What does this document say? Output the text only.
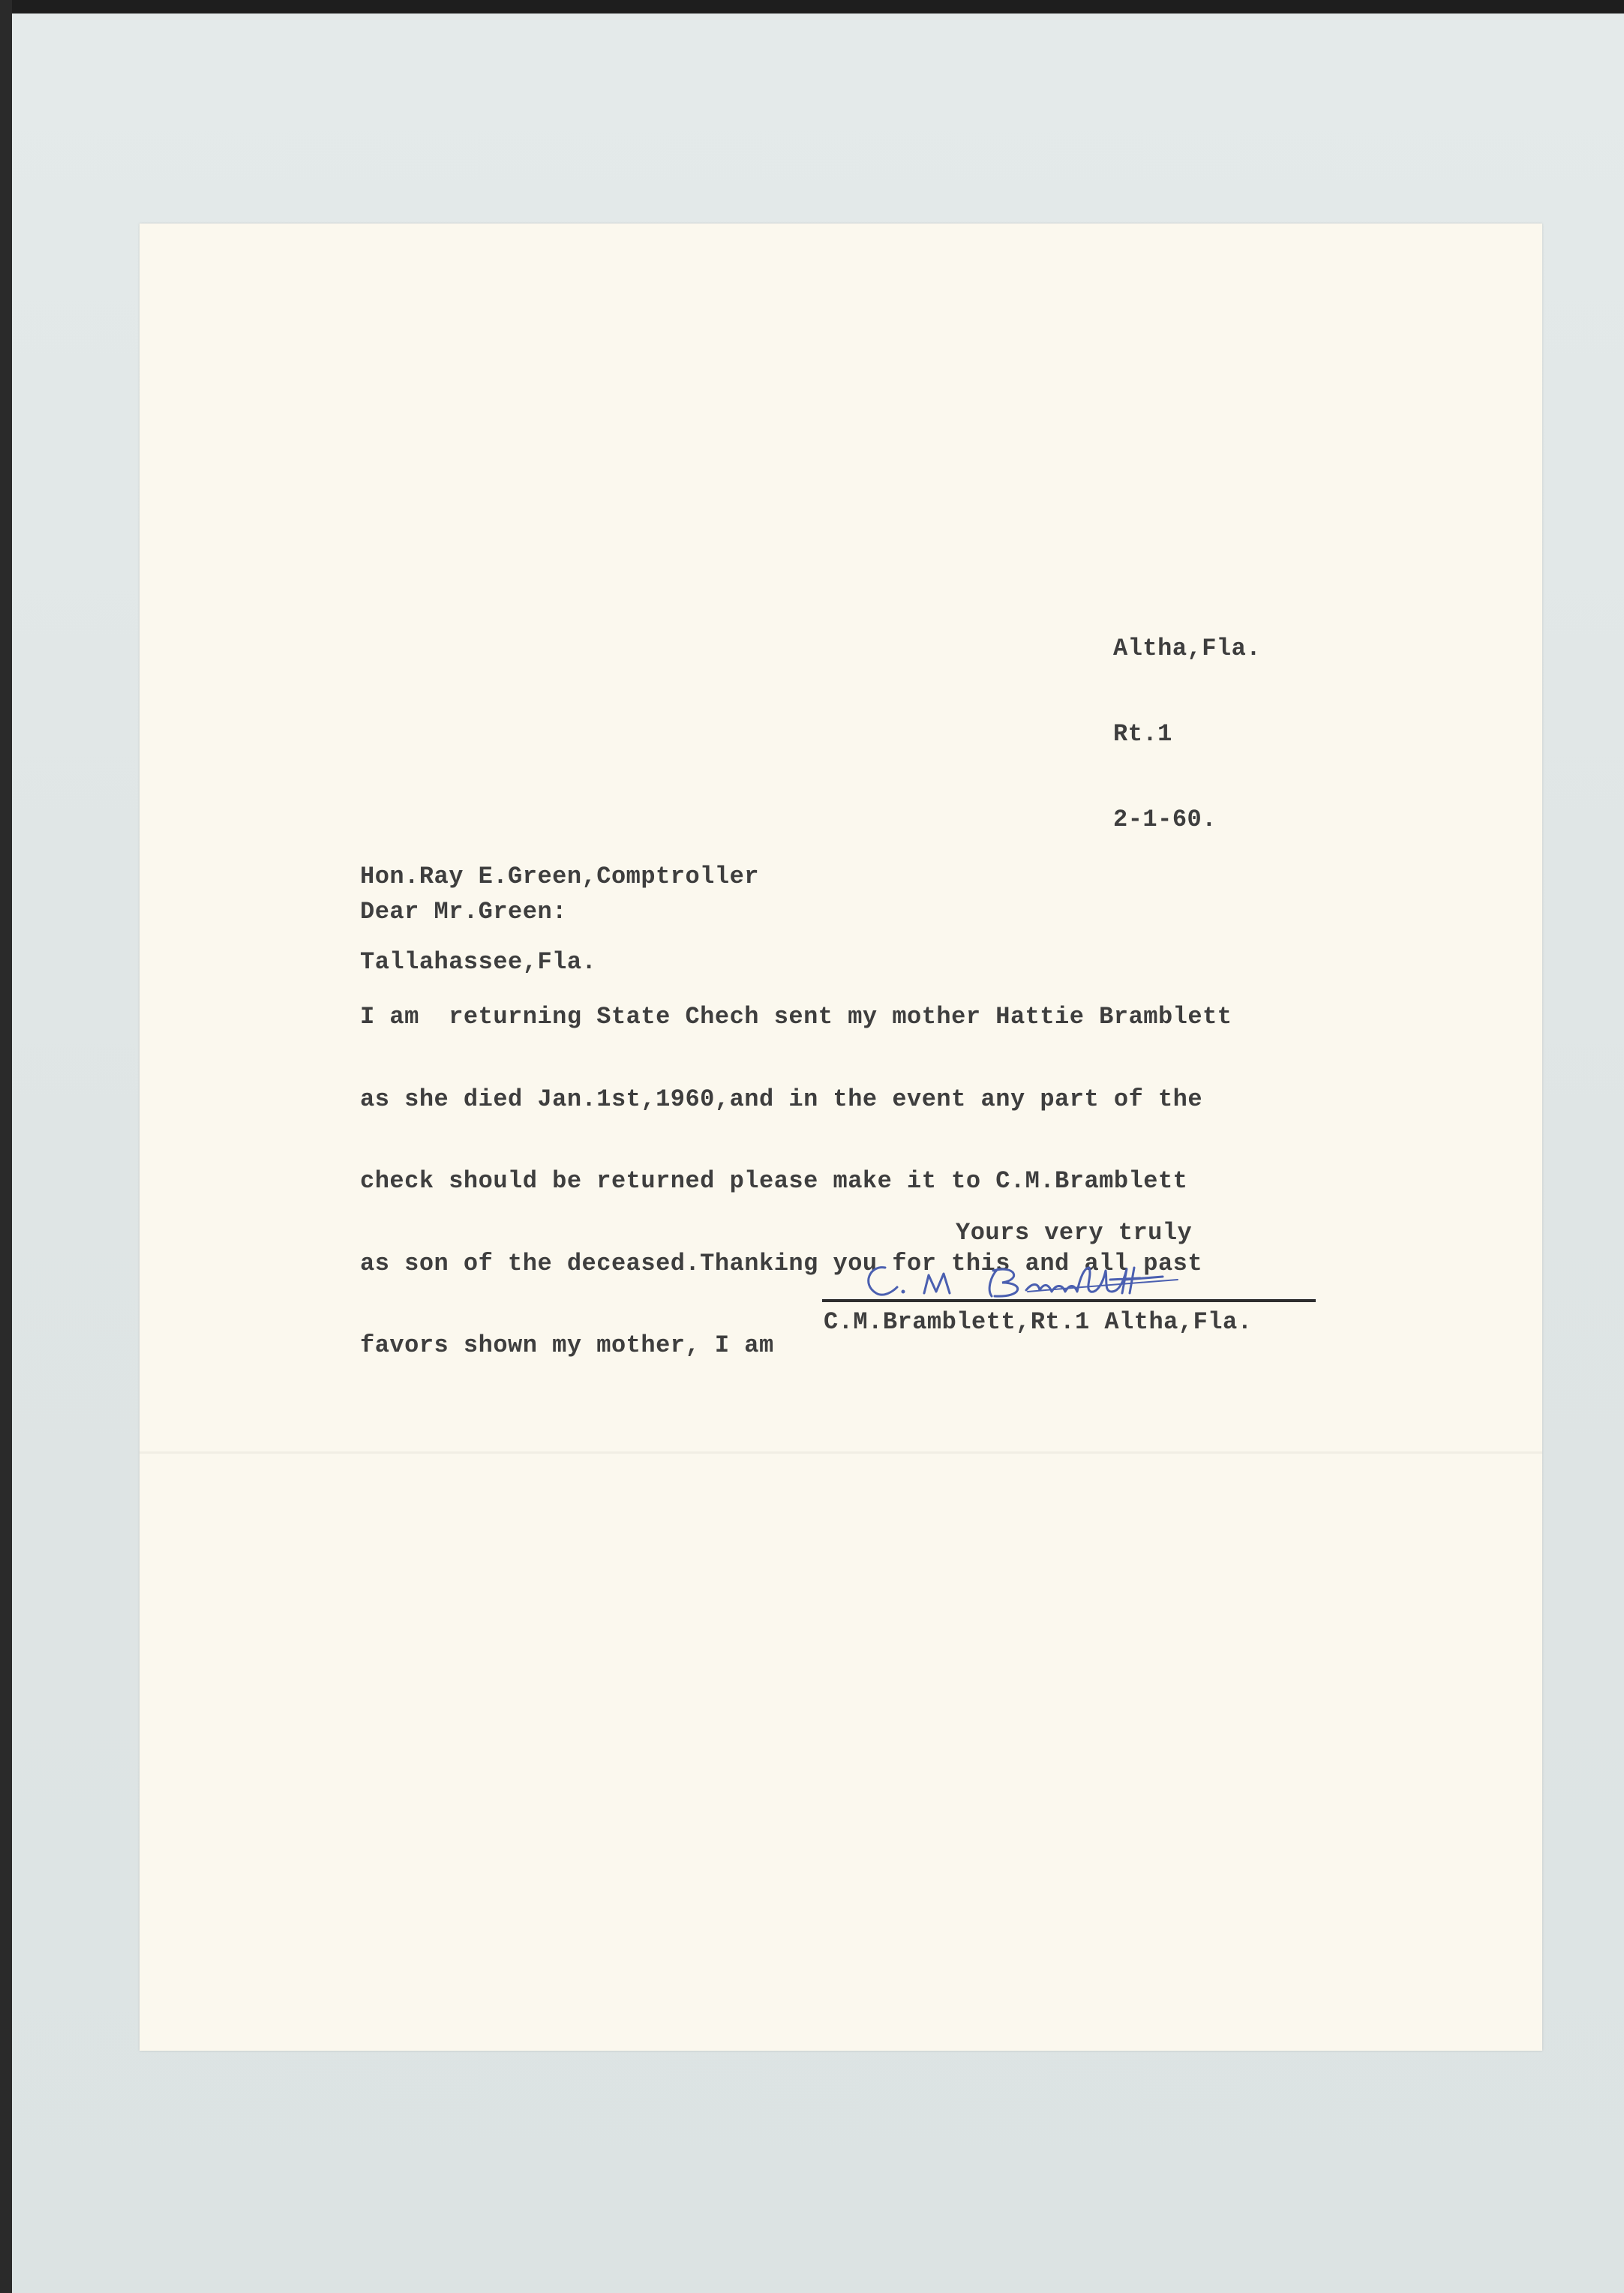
Altha,Fla.

Rt.1

2-1-60.

Hon.Ray E.Green,Comptroller

Tallahassee,Fla.

Dear Mr.Green:

I am  returning State Chech sent my mother Hattie Bramblett

as she died Jan.1st,1960,and in the event any part of the

check should be returned please make it to C.M.Bramblett

as son of the deceased.Thanking you for this and all past

favors shown my mother, I am

Yours very truly
C.M.Bramblett,Rt.1 Altha,Fla.
